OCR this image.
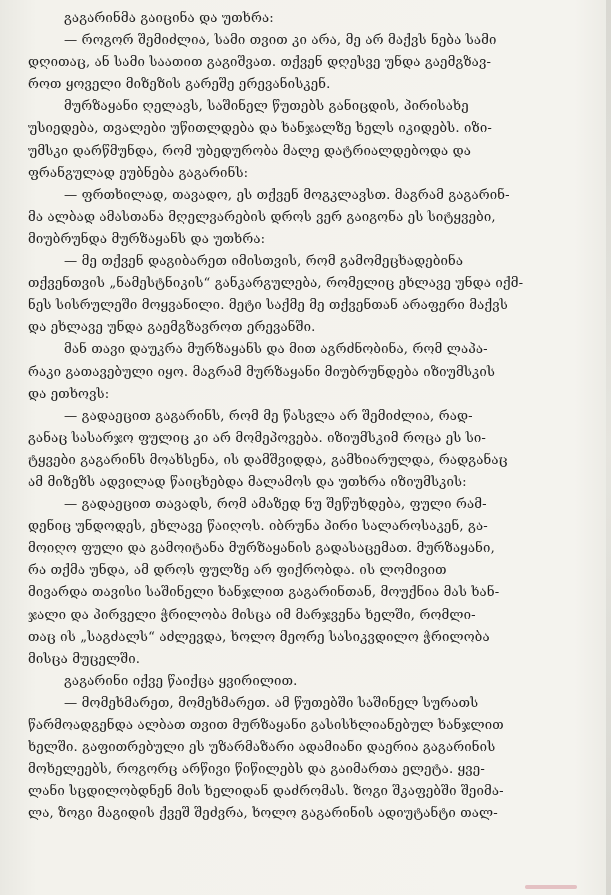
გაგარინმა გაიცინა და უთხრა:

— როგორ შემიძლია, სამი თვით კი არა, მე არ მაქვს ნება სამი
დღითაც, ან სამი საათით გაგიშვათ. თქვენ დღესვე უნდა გაემგზავ-
როთ ყოველი მიზეზის გარეშე ერევანისკენ.

მურზაყანი ღელავს, საშინელ წუთებს განიცდის, პირისახე
უსიედება, თვალები უწითლდება და ხანჯალზე ხელს იკიდებს. იზი-
უმსკი დარწმუნდა, რომ უბედურობა მალე დატრიალდებოდა და
ფრანგულად ეუბნება გაგარინს:

— ფრთხილად, თავადო, ეს თქვენ მოგკლავსთ. მაგრამ გაგარინ-
მა ალბად ამასთანა მღელვარების დროს ვერ გაიგონა ეს სიტყვები,
მიუბრუნდა მურზაყანს და უთხრა:

— მე თქვენ დაგიბარეთ იმისთვის, რომ გამომეცხადებინა
თქვენთვის „ნამესტნიკის“ განკარგულება, რომელიც ეხლავე უნდა იქმ-
ნეს სისრულეში მოყვანილი. მეტი საქმე მე თქვენთან არაფერი მაქვს
და ეხლავე უნდა გაემგზავროთ ერევანში.

მან თავი დაუკრა მურზაყანს და მით აგრძნობინა, რომ ლაპა-
რაკი გათავებული იყო. მაგრამ მურზაყანი მიუბრუნდება იზიუმსკის
და ეთხოვს:

— გადაეცით გაგარინს, რომ მე წასვლა არ შემიძლია, რად-
განაც სასარჯო ფულიც კი არ მომეპოვება. იზიუმსკიმ როცა ეს სი-
ტყვები გაგარინს მოახსენა, ის დამშვიდდა, გამხიარულდა, რადგანაც
ამ მიზეზს ადვილად წაიცხებდა მალამოს და უთხრა იზიუმსკის:

— გადაეცით თავადს, რომ ამაზედ ნუ შეწუხდება, ფული რამ-
დენიც უნდოდეს, ეხლავე წაიღოს. იბრუნა პირი სალაროსაკენ, გა-
მოიღო ფული და გამოიტანა მურზაყანის გადასაცემათ. მურზაყანი,
რა თქმა უნდა, ამ დროს ფულზე არ ფიქრობდა. ის ლომივით
მივარდა თავისი საშინელი ხანჯლით გაგარინთან, მოუქნია მას ხან-
ჯალი და პირველი ჭრილობა მისცა იმ მარჯვენა ხელში, რომლი-
თაც ის „საგძალს“ აძლევდა, ხოლო მეორე სასიკვდილო ჭრილობა
მისცა მუცელში.

გაგარინი იქვე წაიქცა ყვირილით.

— მომეხმარეთ, მომეხმარეთ. ამ წუთებში საშინელ სურათს
წარმოადგენდა ალბათ თვით მურზაყანი გასისხლიანებულ ხანჯლით
ხელში. გაფითრებული ეს უზარმაზარი ადამიანი დაერია გაგარინის
მოხელეებს, როგორც არწივი წიწილებს და გაიმართა ელეტა. ყვე-
ლანი სცდილობდნენ მის ხელიდან დაძრომას. ზოგი შკაფებში შეიმა-
ლა, ზოგი მაგიდის ქვეშ შეძვრა, ხოლო გაგარინის ადიუტანტი თალ-
